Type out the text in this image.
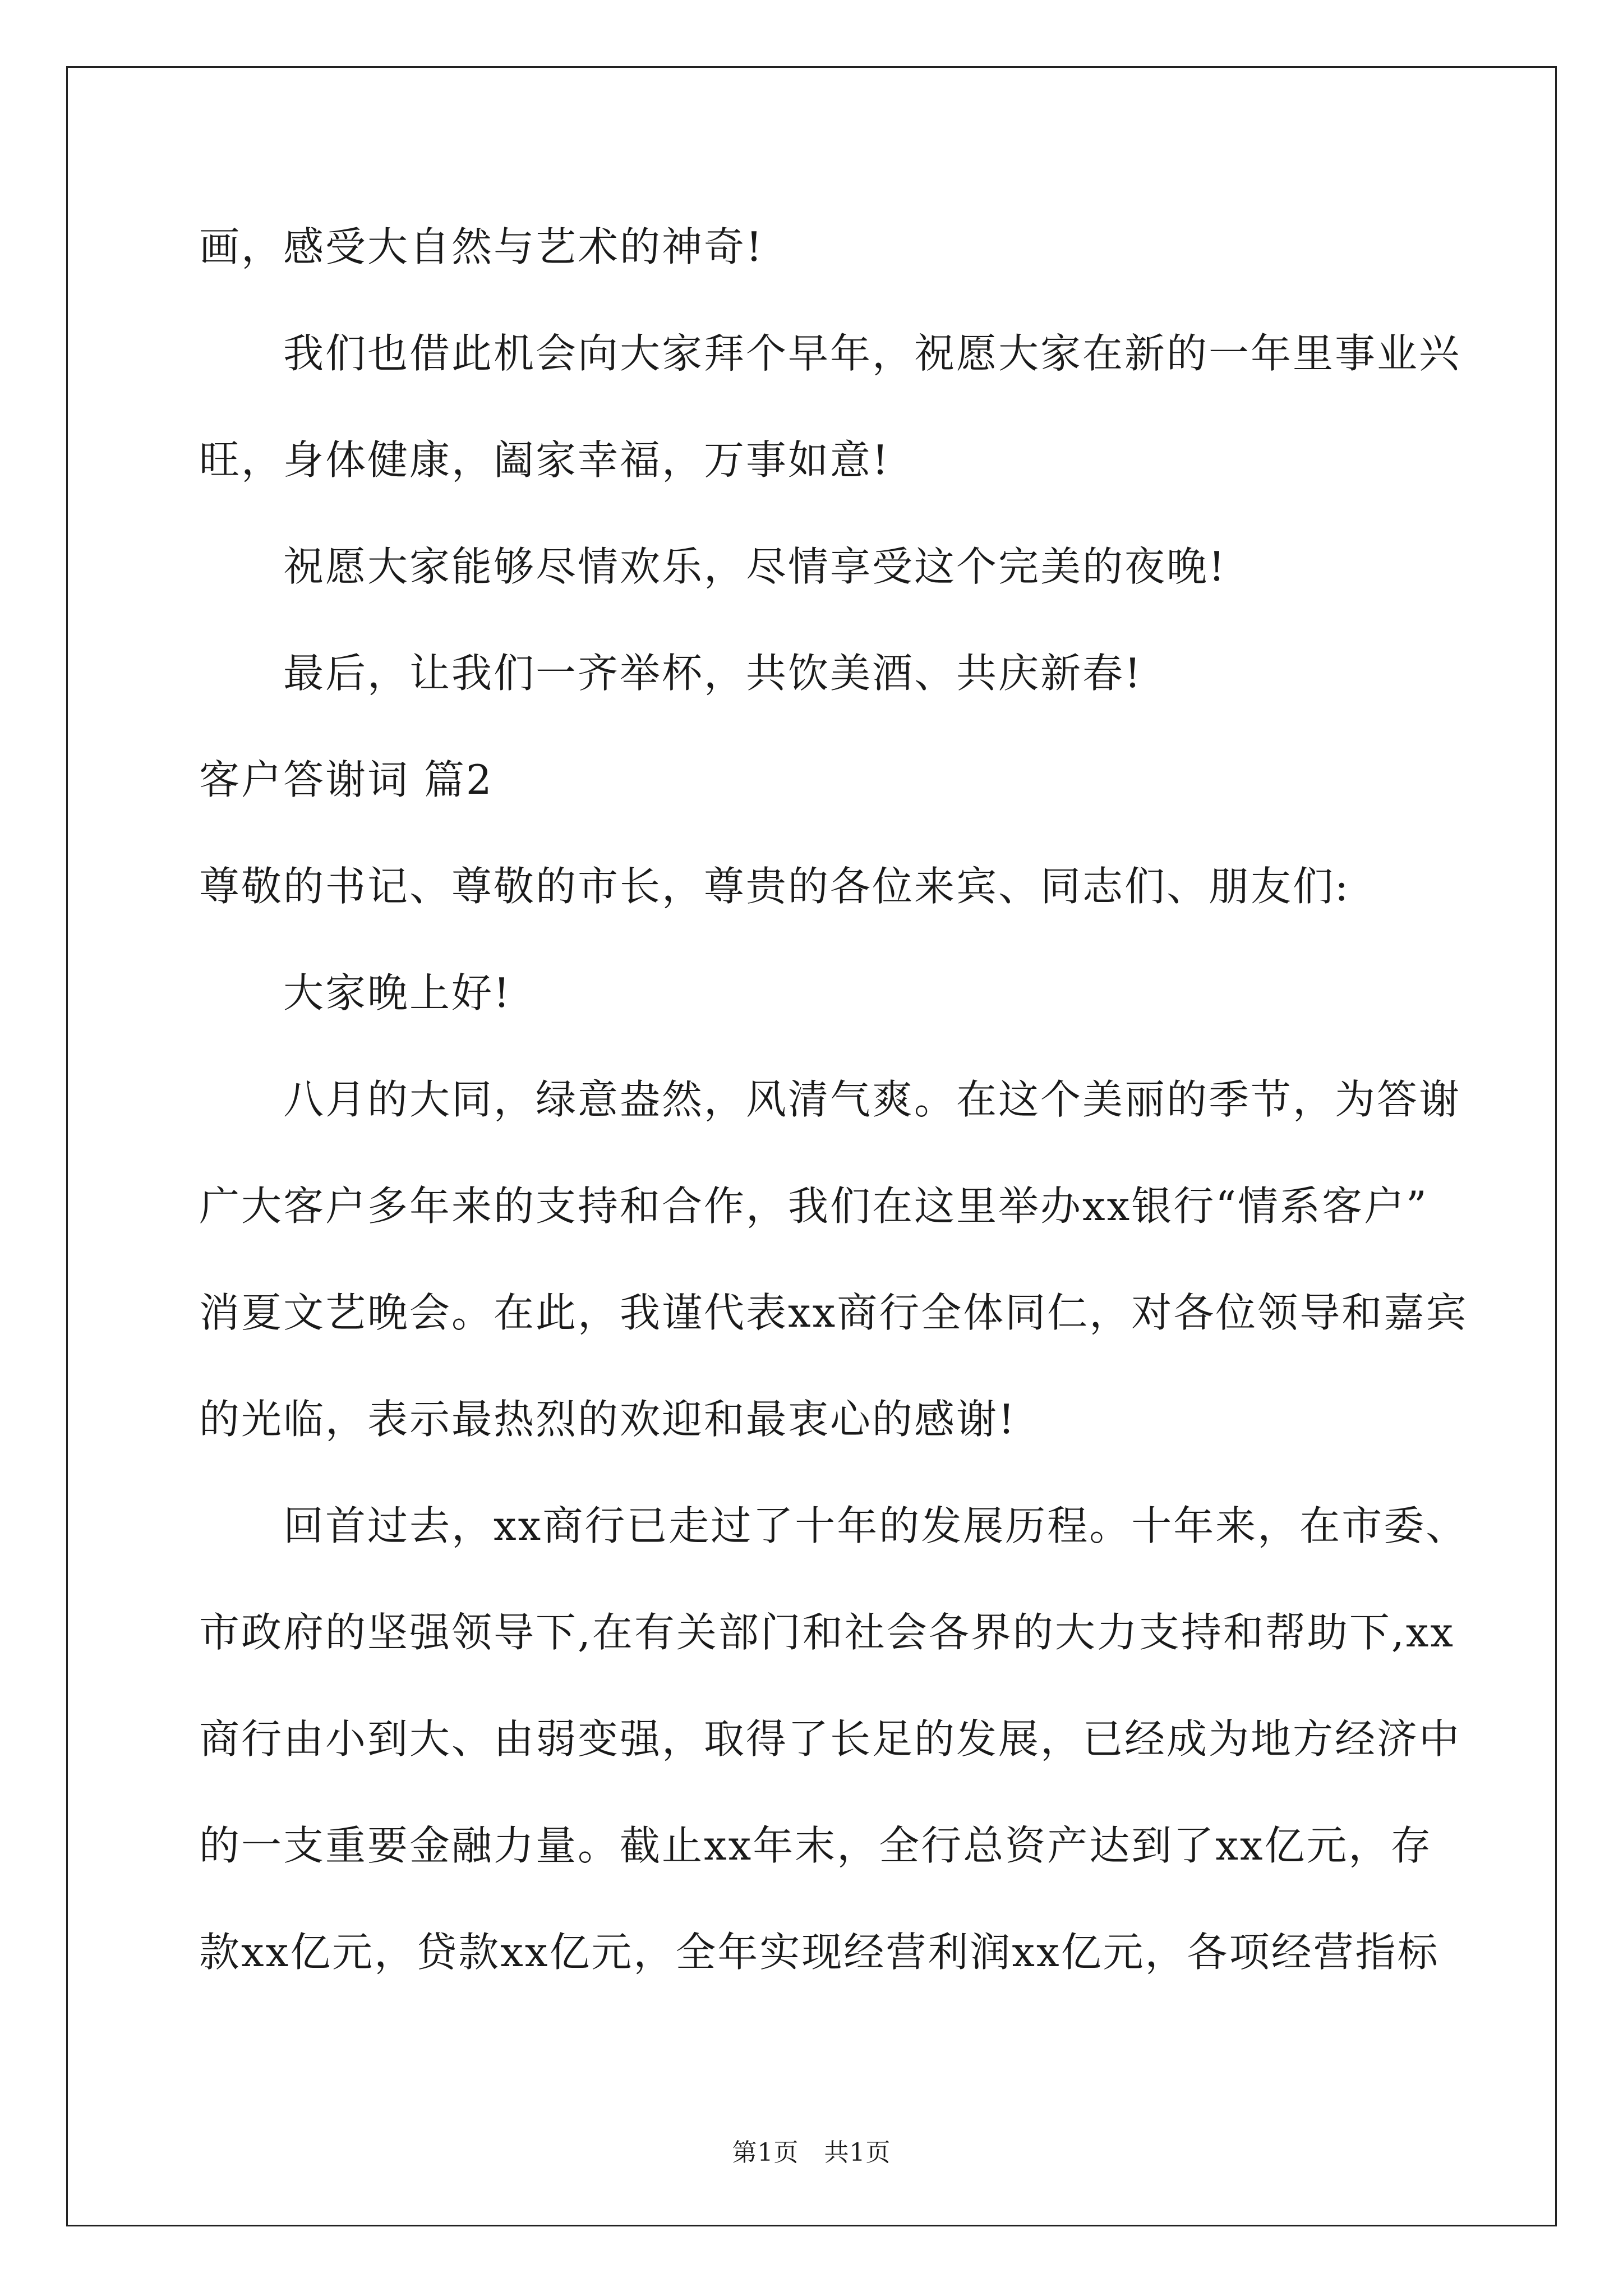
画，感受大自然与艺术的神奇!
我们也借此机会向大家拜个早年，祝愿大家在新的一年里事业兴
旺，身体健康，阖家幸福，万事如意!
祝愿大家能够尽情欢乐，尽情享受这个完美的夜晚!
最后，让我们一齐举杯，共饮美酒、共庆新春!
客户答谢词 篇2
尊敬的书记、尊敬的市长，尊贵的各位来宾、同志们、朋友们:
大家晚上好!
八月的大同，绿意盎然，风清气爽。在这个美丽的季节，为答谢
广大客户多年来的支持和合作，我们在这里举办xx银行“情系客户”
消夏文艺晚会。在此，我谨代表xx商行全体同仁，对各位领导和嘉宾
的光临，表示最热烈的欢迎和最衷心的感谢!
回首过去，xx商行已走过了十年的发展历程。十年来，在市委、
市政府的坚强领导下,在有关部门和社会各界的大力支持和帮助下,xx
商行由小到大、由弱变强，取得了长足的发展，已经成为地方经济中
的一支重要金融力量。截止xx年末，全行总资产达到了xx亿元，存
款xx亿元，贷款xx亿元，全年实现经营利润xx亿元，各项经营指标
第1页　共1页
